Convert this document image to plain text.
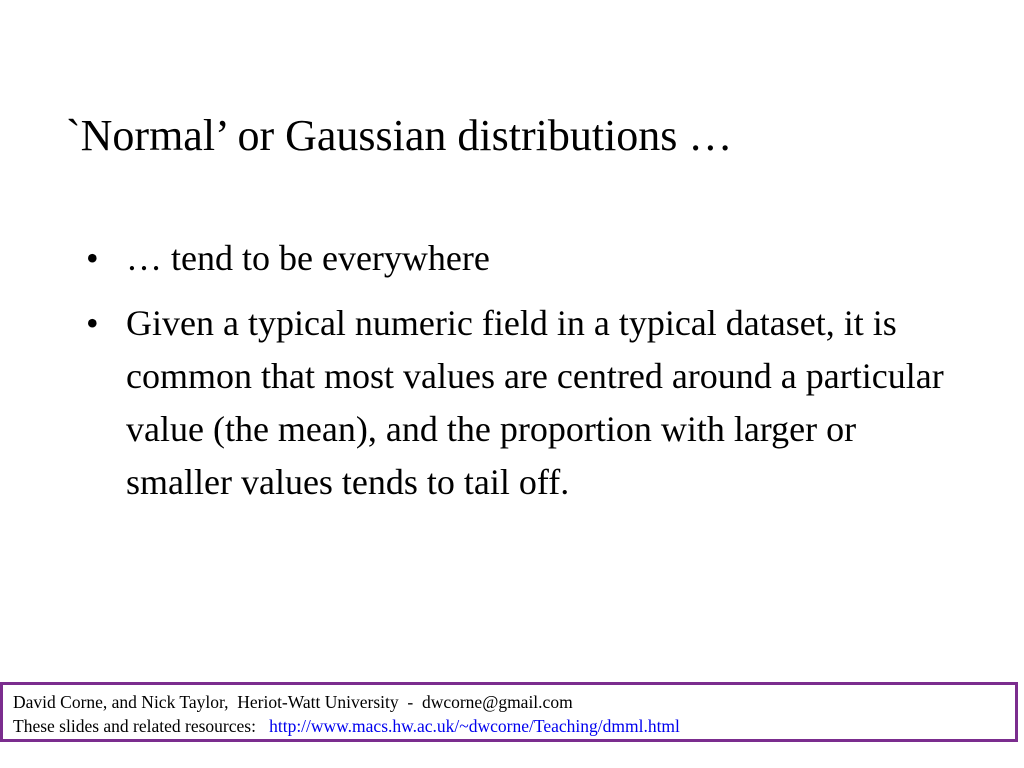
`Normal’ or Gaussian distributions …
• … tend to be everywhere
• Given a typical numeric field in a typical dataset, it is common that most values are centred around a particular value (the mean), and the proportion with larger or smaller values tends to tail off.
David Corne, and Nick Taylor,  Heriot-Watt University  -  dwcorne@gmail.com
These slides and related resources:   http://www.macs.hw.ac.uk/~dwcorne/Teaching/dmml.html
